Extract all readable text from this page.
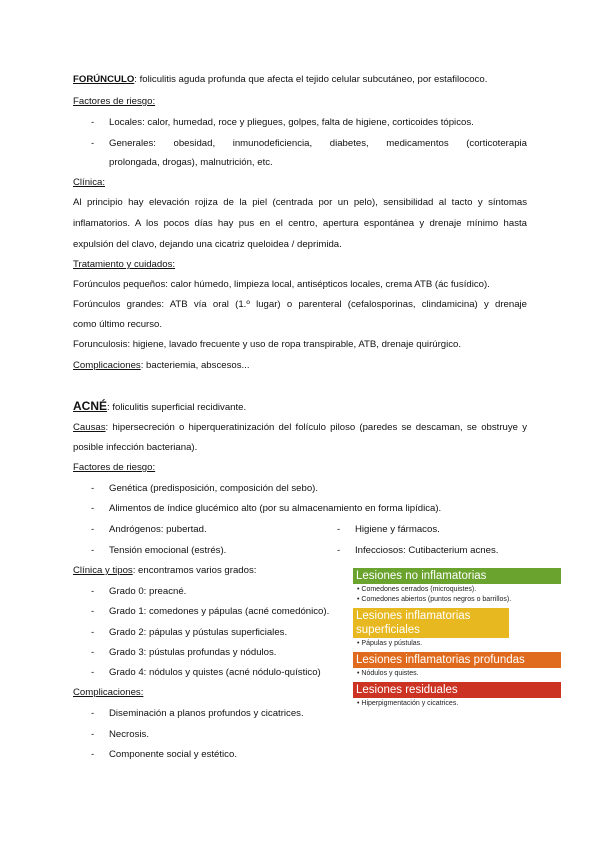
FORÚNCULO: foliculitis aguda profunda que afecta el tejido celular subcutáneo, por estafilococo.
Factores de riesgo:
- Locales: calor, humedad, roce y pliegues, golpes, falta de higiene, corticoides tópicos.
- Generales: obesidad, inmunodeficiencia, diabetes, medicamentos (corticoterapia
prolongada, drogas), malnutrición, etc.
Clínica:
Al principio hay elevación rojiza de la piel (centrada por un pelo), sensibilidad al tacto y síntomas
inflamatorios. A los pocos días hay pus en el centro, apertura espontánea y drenaje mínimo hasta
expulsión del clavo, dejando una cicatriz queloidea / deprimida.
Tratamiento y cuidados:
Forúnculos pequeños: calor húmedo, limpieza local, antisépticos locales, crema ATB (ác fusídico).
Forúnculos grandes: ATB vía oral (1.º lugar) o parenteral (cefalosporinas, clindamicina) y drenaje
como último recurso.
Forunculosis: higiene, lavado frecuente y uso de ropa transpirable, ATB, drenaje quirúrgico.
Complicaciones: bacteriemia, abscesos...
ACNÉ: foliculitis superficial recidivante.
Causas: hipersecreción o hiperqueratinización del folículo piloso (paredes se descaman, se obstruye y
posible infección bacteriana).
Factores de riesgo:
- Genética (predisposición, composición del sebo).
- Alimentos de índice glucémico alto (por su almacenamiento en forma lipídica).
- Andrógenos: pubertad.	- Higiene y fármacos.
- Tensión emocional (estrés).	- Infecciosos: Cutibacterium acnes.
Clínica y tipos: encontramos varios grados:
- Grado 0: preacné.
- Grado 1: comedones y pápulas (acné comedónico).
- Grado 2: pápulas y pústulas superficiales.
- Grado 3: pústulas profundas y nódulos.
- Grado 4: nódulos y quistes (acné nódulo-quístico)
Complicaciones:
- Diseminación a planos profundos y cicatrices.
- Necrosis.
- Componente social y estético.
Lesiones no inflamatorias
• Comedones cerrados (microquistes).
• Comedones abiertos (puntos negros o barrillos).
Lesiones inflamatorias superficiales
• Pápulas y pústulas.
Lesiones inflamatorias profundas
• Nódulos y quistes.
Lesiones residuales
• Hiperpigmentación y cicatrices.
